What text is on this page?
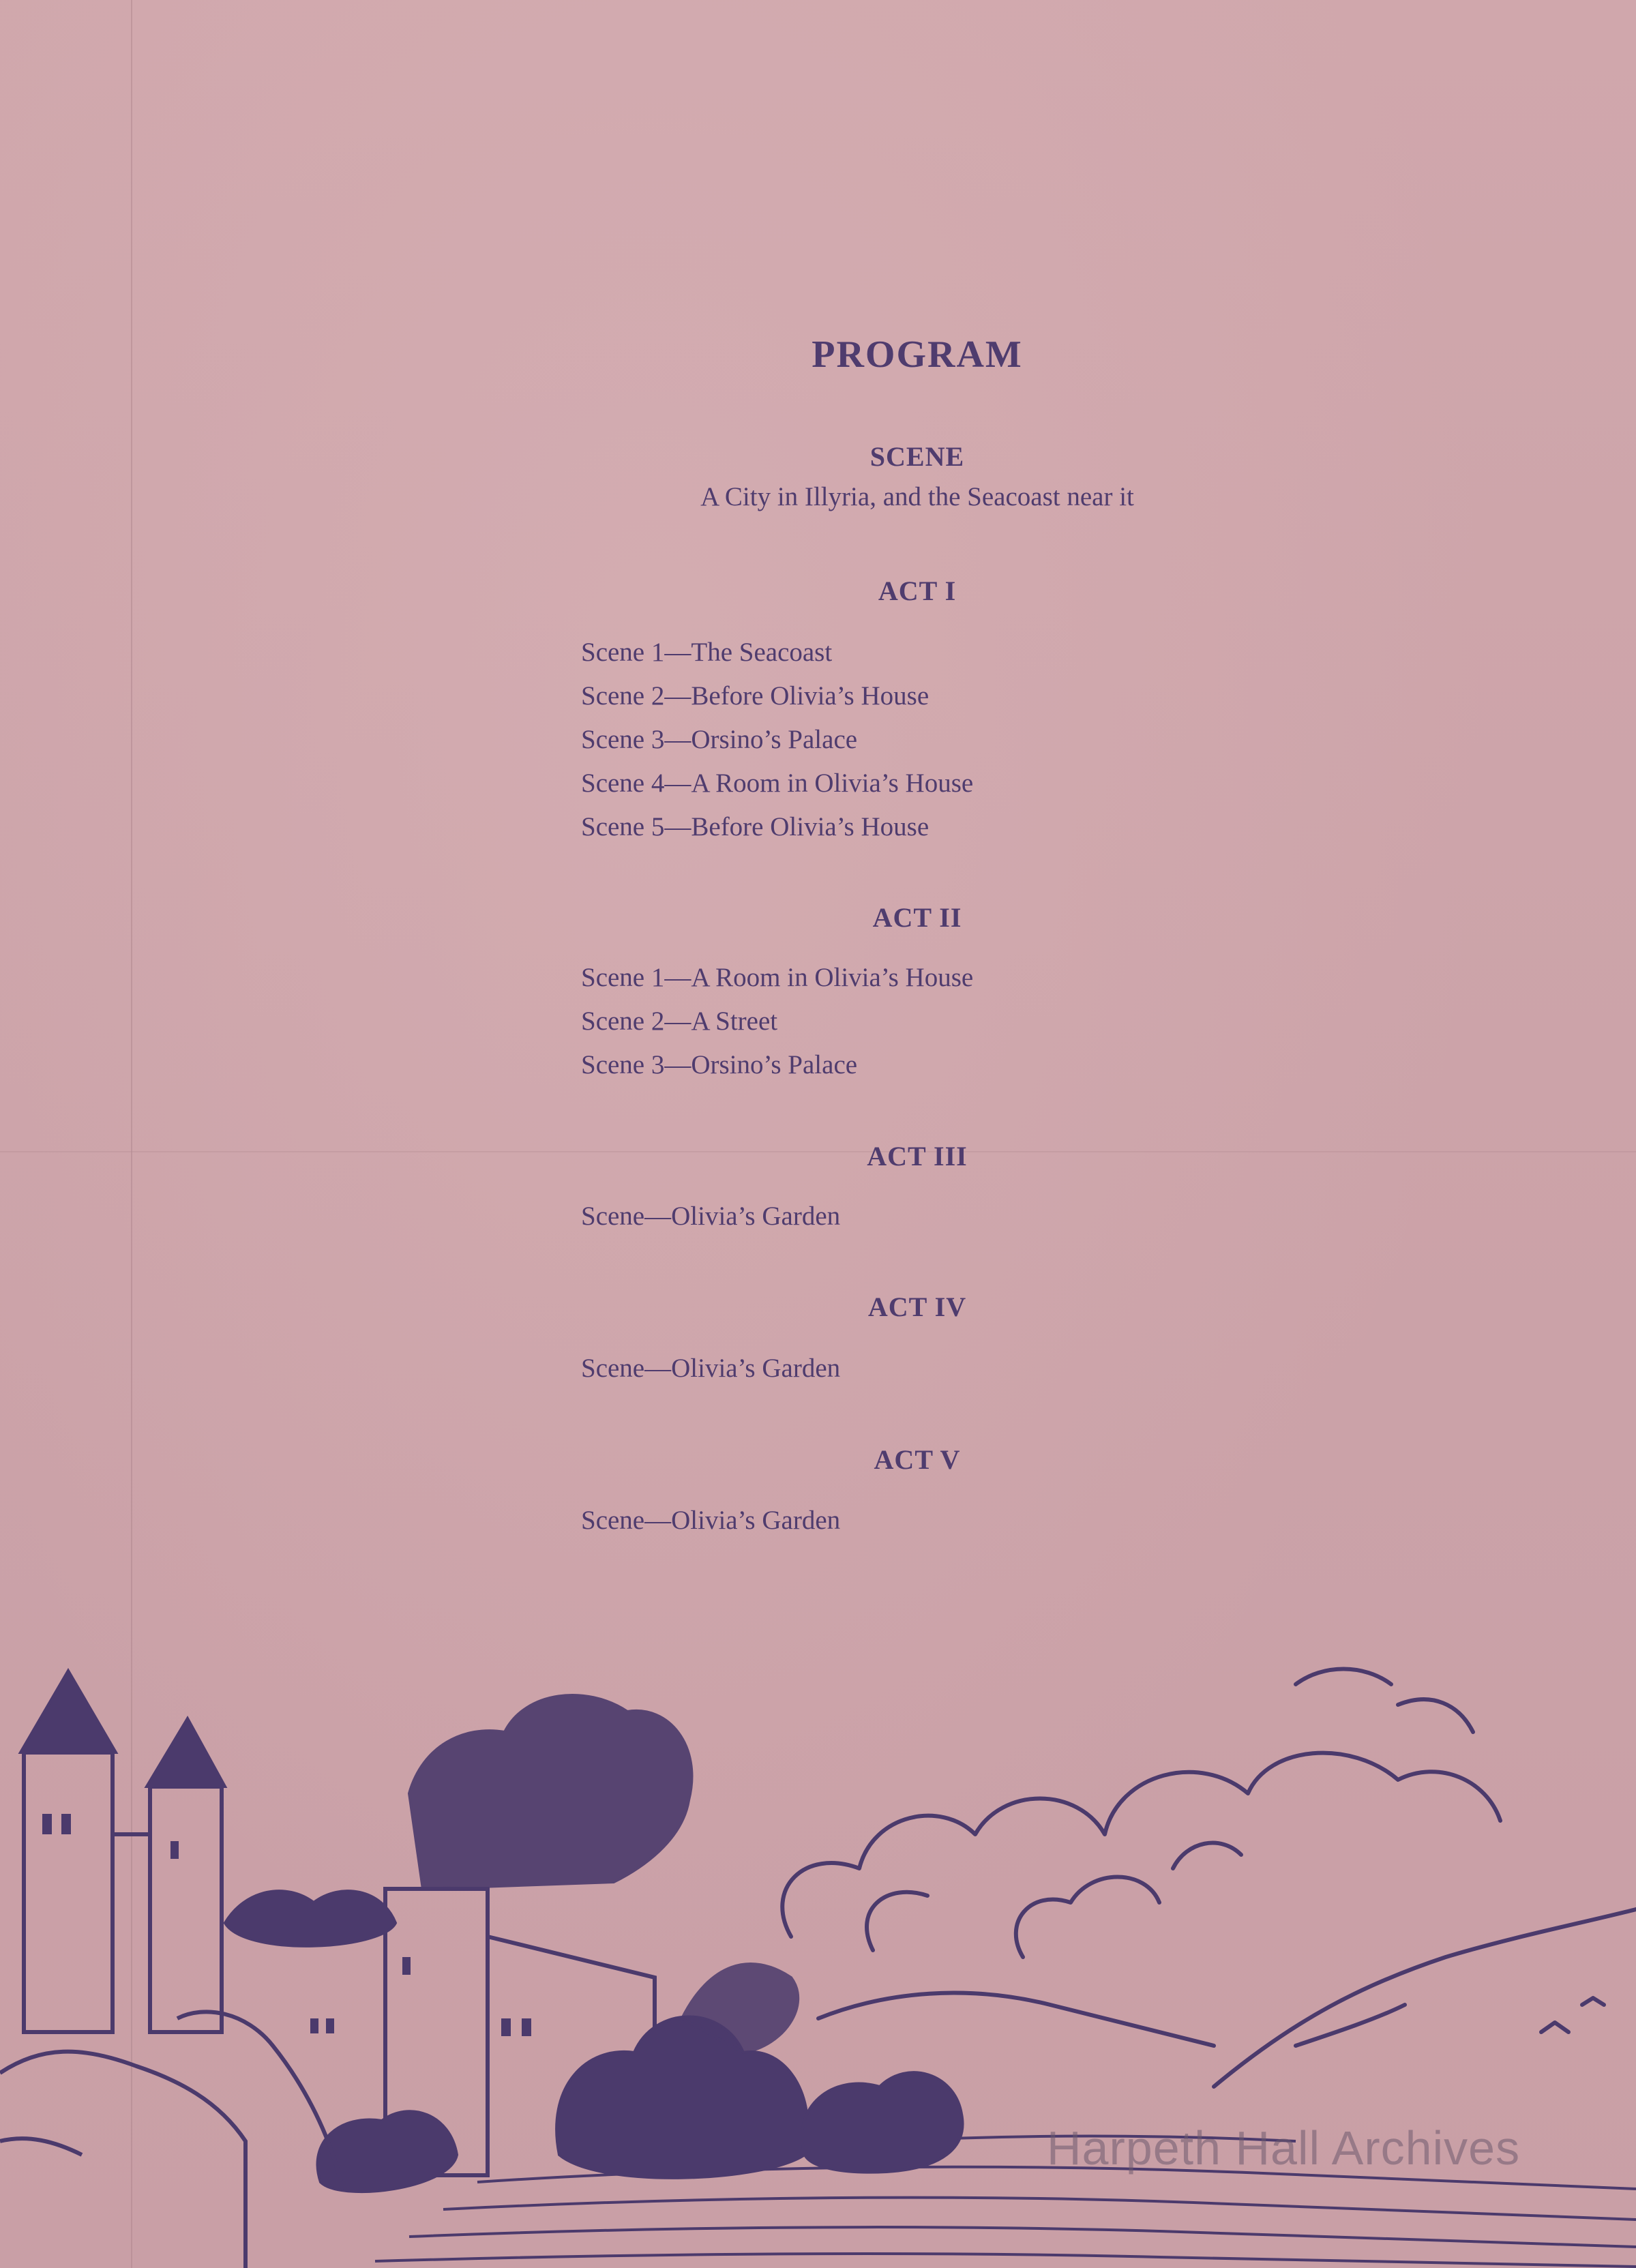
PROGRAM
SCENE
A City in Illyria, and the Seacoast near it
ACT I
Scene 1—The Seacoast
Scene 2—Before Olivia’s House
Scene 3—Orsino’s Palace
Scene 4—A Room in Olivia’s House
Scene 5—Before Olivia’s House
ACT II
Scene 1—A Room in Olivia’s House
Scene 2—A Street
Scene 3—Orsino’s Palace
ACT III
Scene—Olivia’s Garden
ACT IV
Scene—Olivia’s Garden
ACT V
Scene—Olivia’s Garden
Harpeth Hall Archives
